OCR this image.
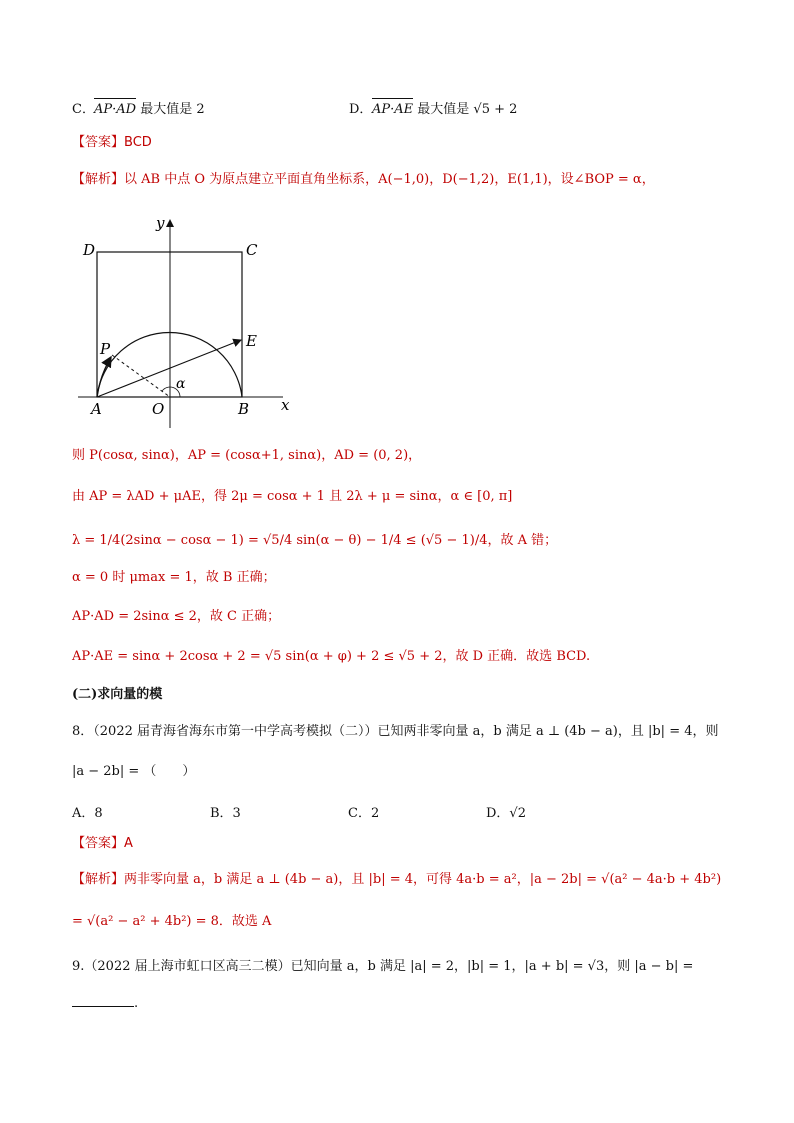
C． AP·AD 最大值是 2	D． AP·AE 最大值是 √5 + 2
【答案】BCD
【解析】以 AB 中点 O 为原点建立平面直角坐标系，A(−1,0)，D(−1,2)，E(1,1)，设∠BOP = α，
D	C
y
E
P
α
A	O	B x
则 P(cosα, sinα)，AP = (cosα+1, sinα)，AD = (0, 2)，
由 AP = λAD + μAE，得 2μ = cosα + 1 且 2λ + μ = sinα，α ∈ [0, π]
λ = 1/4(2sinα − cosα − 1) = √5/4 sin(α − θ) − 1/4 ≤ (√5 − 1)/4，故 A 错；
α = 0 时 μmax = 1，故 B 正确；
AP·AD = 2sinα ≤ 2，故 C 正确；
AP·AE = sinα + 2cosα + 2 = √5 sin(α + φ) + 2 ≤ √5 + 2，故 D 正确．故选 BCD.
(二)求向量的模
8．（2022 届青海省海东市第一中学高考模拟（二））已知两非零向量 a，b 满足 a ⊥ (4b − a)，且 |b| = 4，则
|a − 2b| = （　　）
A．8	B．3	C．2	D．√2
【答案】A
【解析】两非零向量 a，b 满足 a ⊥ (4b − a)，且 |b| = 4，可得 4a·b = a²，|a − 2b| = √(a² − 4a·b + 4b²)
= √(a² − a² + 4b²) = 8．故选 A
9.（2022 届上海市虹口区高三二模）已知向量 a，b 满足 |a| = 2，|b| = 1，|a + b| = √3，则 |a − b| =
.
